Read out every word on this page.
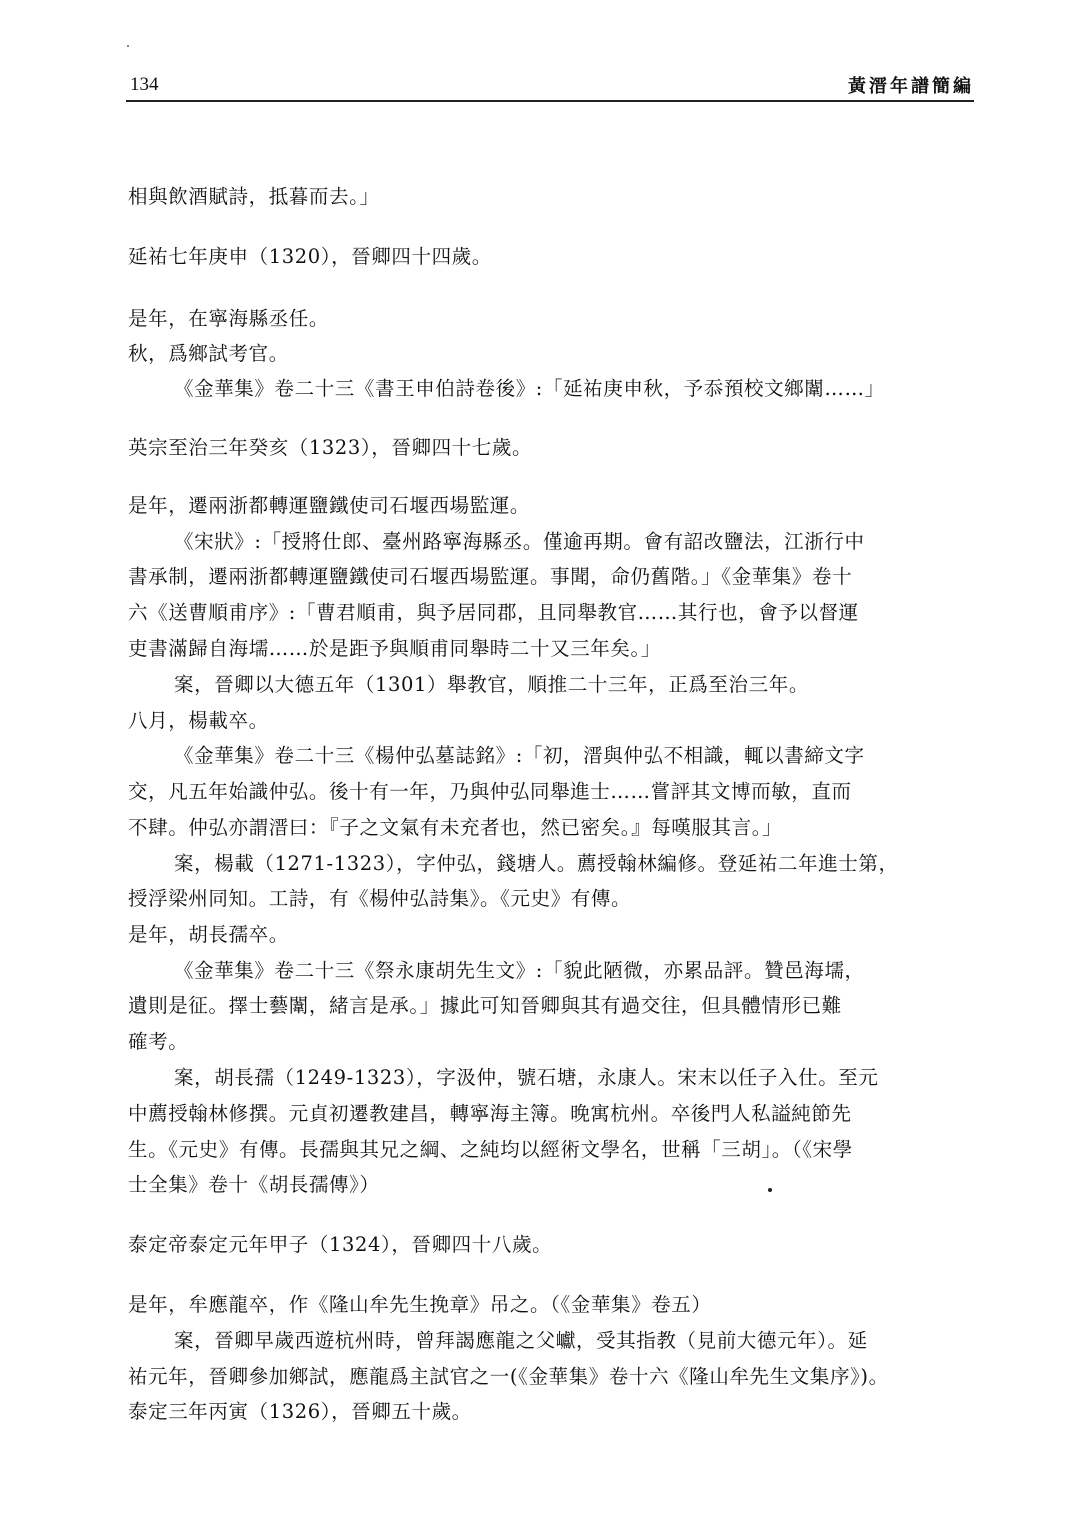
134	黃溍年譜簡編
相與飲酒賦詩，抵暮而去。」
延祐七年庚申（1320），晉卿四十四歲。
是年，在寧海縣丞任。
秋，爲鄉試考官。
《金華集》卷二十三《書王申伯詩卷後》:「延祐庚申秋，予忝預校文鄉闈……」
英宗至治三年癸亥（1323），晉卿四十七歲。
是年，遷兩浙都轉運鹽鐵使司石堰西場監運。
《宋狀》:「授將仕郎、臺州路寧海縣丞。僅逾再期。會有詔改鹽法，江浙行中
書承制，遷兩浙都轉運鹽鐵使司石堰西場監運。事聞，命仍舊階。」《金華集》卷十
六《送曹順甫序》:「曹君順甫，與予居同郡，且同舉教官……其行也，會予以督運
吏書滿歸自海壖……於是距予與順甫同舉時二十又三年矣。」
案，晉卿以大德五年（1301）舉教官，順推二十三年，正爲至治三年。
八月，楊載卒。
《金華集》卷二十三《楊仲弘墓誌銘》:「初，溍與仲弘不相識，輒以書締文字
交，凡五年始識仲弘。後十有一年，乃與仲弘同舉進士……嘗評其文博而敏，直而
不肆。仲弘亦謂溍曰：『子之文氣有未充者也，然已密矣。』每嘆服其言。」
案，楊載（1271-1323），字仲弘，錢塘人。薦授翰林編修。登延祐二年進士第，
授浮梁州同知。工詩，有《楊仲弘詩集》。《元史》有傳。
是年，胡長孺卒。
《金華集》卷二十三《祭永康胡先生文》:「貌此陋微，亦累品評。贊邑海壖，
遺則是征。擇士藝闈，緒言是承。」據此可知晉卿與其有過交往，但具體情形已難
確考。
案，胡長孺（1249-1323），字汲仲，號石塘，永康人。宋末以任子入仕。至元
中薦授翰林修撰。元貞初遷教建昌，轉寧海主簿。晚寓杭州。卒後門人私謚純節先
生。《元史》有傳。長孺與其兄之綱、之純均以經術文學名，世稱「三胡」。（《宋學
士全集》卷十《胡長孺傳》）
泰定帝泰定元年甲子（1324），晉卿四十八歲。
是年，牟應龍卒，作《隆山牟先生挽章》吊之。（《金華集》卷五）
案，晉卿早歲西遊杭州時，曾拜謁應龍之父巘，受其指教（見前大德元年）。延
祐元年，晉卿參加鄉試，應龍爲主試官之一(《金華集》卷十六《隆山牟先生文集序》)。
泰定三年丙寅（1326），晉卿五十歲。
